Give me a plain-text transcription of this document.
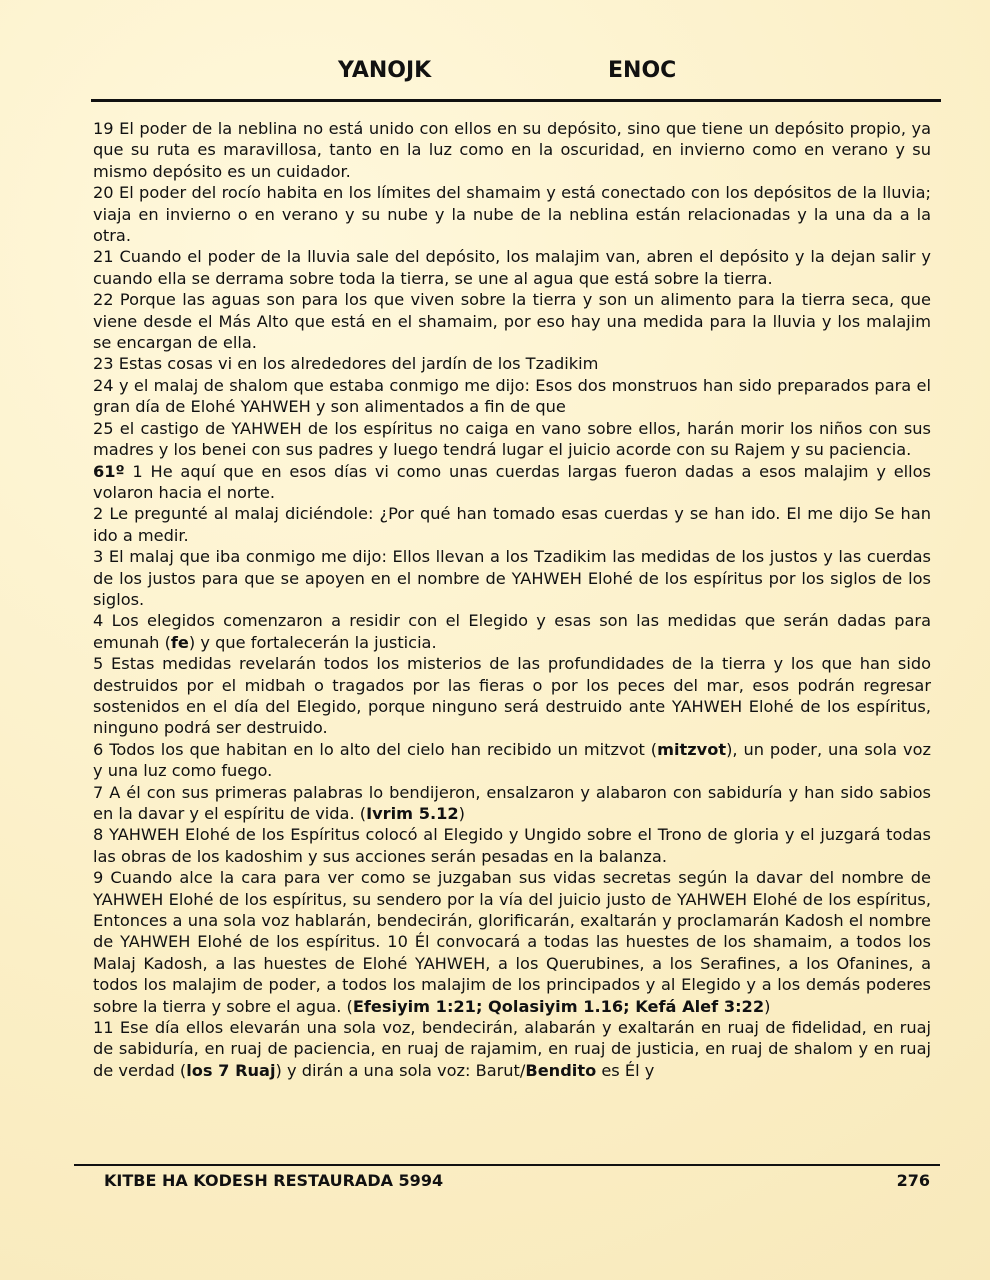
YANOJK	ENOC

19 El poder de la neblina no está unido con ellos en su depósito, sino que tiene un depósito propio, ya que su ruta es maravillosa, tanto en la luz como en la oscuridad, en invierno como en verano y su mismo depósito es un cuidador.

20 El poder del rocío habita en los límites del shamaim y está conectado con los depósitos de la lluvia; viaja en invierno o en verano y su nube y la nube de la neblina están relacionadas y la una da a la otra.

21 Cuando el poder de la lluvia sale del depósito, los malajim van, abren el depósito y la dejan salir y cuando ella se derrama sobre toda la tierra, se une al agua que está sobre la tierra.

22 Porque las aguas son para los que viven sobre la tierra y son un alimento para la tierra seca, que viene desde el Más Alto que está en el shamaim, por eso hay una medida para la lluvia y los malajim se encargan de ella.

23 Estas cosas vi en los alrededores del jardín de los Tzadikim

24 y el malaj de shalom que estaba conmigo me dijo: Esos dos monstruos han sido preparados para el gran día de Elohé YAHWEH y son alimentados a fin de que

25 el castigo de YAHWEH de los espíritus no caiga en vano sobre ellos, harán morir los niños con sus madres y los benei con sus padres y luego tendrá lugar el juicio acorde con su Rajem y su paciencia.

61º 1 He aquí que en esos días vi como unas cuerdas largas fueron dadas a esos malajim y ellos volaron hacia el norte.

2 Le pregunté al malaj diciéndole: ¿Por qué han tomado esas cuerdas y se han ido. El me dijo Se han ido a medir.

3 El malaj que iba conmigo me dijo: Ellos llevan a los Tzadikim las medidas de los justos y las cuerdas de los justos para que se apoyen en el nombre de YAHWEH Elohé de los espíritus por los siglos de los siglos.

4 Los elegidos comenzaron a residir con el Elegido y esas son las medidas que serán dadas para emunah (fe) y que fortalecerán la justicia.

5 Estas medidas revelarán todos los misterios de las profundidades de la tierra y los que han sido destruidos por el midbah o tragados por las fieras o por los peces del mar, esos podrán regresar sostenidos en el día del Elegido, porque ninguno será destruido ante YAHWEH Elohé de los espíritus, ninguno podrá ser destruido.

6 Todos los que habitan en lo alto del cielo han recibido un mitzvot (mitzvot), un poder, una sola voz y una luz como fuego.

7 A él con sus primeras palabras lo bendijeron, ensalzaron y alabaron con sabiduría y han sido sabios en la davar y el espíritu de vida. (Ivrim 5.12)

8 YAHWEH Elohé de los Espíritus colocó al Elegido y Ungido sobre el Trono de gloria y el juzgará todas las obras de los kadoshim y sus acciones serán pesadas en la balanza.

9 Cuando alce la cara para ver como se juzgaban sus vidas secretas según la davar del nombre de YAHWEH Elohé de los espíritus, su sendero por la vía del juicio justo de YAHWEH Elohé de los espíritus, Entonces a una sola voz hablarán, bendecirán, glorificarán, exaltarán y proclamarán Kadosh el nombre de YAHWEH Elohé de los espíritus. 10 Él convocará a todas las huestes de los shamaim, a todos los Malaj Kadosh, a las huestes de Elohé YAHWEH, a los Querubines, a los Serafines, a los Ofanines, a todos los malajim de poder, a todos los malajim de los principados y al Elegido y a los demás poderes sobre la tierra y sobre el agua. (Efesiyim 1:21; Qolasiyim 1.16; Kefá Alef 3:22)

11 Ese día ellos elevarán una sola voz, bendecirán, alabarán y exaltarán en ruaj de fidelidad, en ruaj de sabiduría, en ruaj de paciencia, en ruaj de rajamim, en ruaj de justicia, en ruaj de shalom y en ruaj de verdad (los 7 Ruaj) y dirán a una sola voz: Barut/Bendito es Él y

KITBE HA KODESH RESTAURADA 5994	276
